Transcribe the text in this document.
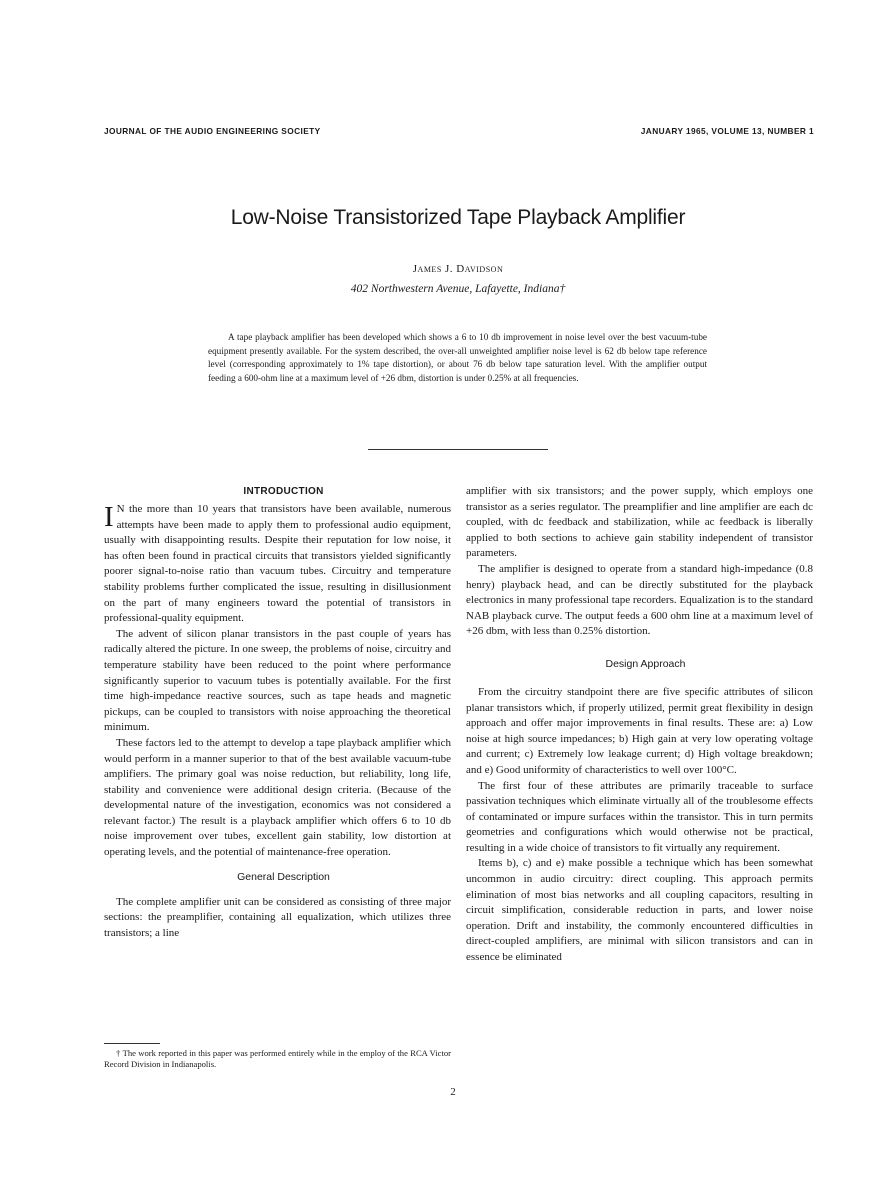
JOURNAL OF THE AUDIO ENGINEERING SOCIETY	JANUARY 1965, VOLUME 13, NUMBER 1
Low-Noise Transistorized Tape Playback Amplifier
James J. Davidson
402 Northwestern Avenue, Lafayette, Indiana†

A tape playback amplifier has been developed which shows a 6 to 10 db improvement in noise level over the best vacuum-tube equipment presently available. For the system described, the over-all unweighted amplifier noise level is 62 db below tape reference level (corresponding approximately to 1% tape distortion), or about 76 db below tape saturation level. With the amplifier output feeding a 600-ohm line at a maximum level of +26 dbm, distortion is under 0.25% at all frequencies.

INTRODUCTION

I N the more than 10 years that transistors have been available, numerous attempts have been made to apply them to professional audio equipment, usually with disappointing results. Despite their reputation for low noise, it has often been found in practical circuits that transistors yielded significantly poorer signal-to-noise ratio than vacuum tubes. Circuitry and temperature stability problems further complicated the issue, resulting in disillusionment on the part of many engineers toward the potential of transistors in professional-quality equipment.

The advent of silicon planar transistors in the past couple of years has radically altered the picture. In one sweep, the problems of noise, circuitry and temperature stability have been reduced to the point where performance significantly superior to vacuum tubes is potentially available. For the first time high-impedance reactive sources, such as tape heads and magnetic pickups, can be coupled to transistors with noise approaching the theoretical minimum.

These factors led to the attempt to develop a tape playback amplifier which would perform in a manner superior to that of the best available vacuum-tube amplifiers. The primary goal was noise reduction, but reliability, long life, stability and convenience were additional design criteria. (Because of the developmental nature of the investigation, economics was not considered a relevant factor.) The result is a playback amplifier which offers 6 to 10 db noise improvement over tubes, excellent gain stability, low distortion at operating levels, and the potential of maintenance-free operation.

General Description

The complete amplifier unit can be considered as consisting of three major sections: the preamplifier, containing all equalization, which utilizes three transistors; a line

† The work reported in this paper was performed entirely while in the employ of the RCA Victor Record Division in Indianapolis.

amplifier with six transistors; and the power supply, which employs one transistor as a series regulator. The preamplifier and line amplifier are each dc coupled, with dc feedback and stabilization, while ac feedback is liberally applied to both sections to achieve gain stability independent of transistor parameters.

The amplifier is designed to operate from a standard high-impedance (0.8 henry) playback head, and can be directly substituted for the playback electronics in many professional tape recorders. Equalization is to the standard NAB playback curve. The output feeds a 600 ohm line at a maximum level of +26 dbm, with less than 0.25% distortion.

Design Approach

From the circuitry standpoint there are five specific attributes of silicon planar transistors which, if properly utilized, permit great flexibility in design approach and offer major improvements in final results. These are: a) Low noise at high source impedances; b) High gain at very low operating voltage and current; c) Extremely low leakage current; d) High voltage breakdown; and e) Good uniformity of characteristics to well over 100°C.

The first four of these attributes are primarily traceable to surface passivation techniques which eliminate virtually all of the troublesome effects of contaminated or impure surfaces within the transistor. This in turn permits geometries and configurations which would otherwise not be practical, resulting in a wide choice of transistors to fit virtually any requirement.

Items b), c) and e) make possible a technique which has been somewhat uncommon in audio circuitry: direct coupling. This approach permits elimination of most bias networks and all coupling capacitors, resulting in circuit simplification, considerable reduction in parts, and lower noise operation. Drift and instability, the commonly encountered difficulties in direct-coupled amplifiers, are minimal with silicon transistors and can in essence be eliminated

2
